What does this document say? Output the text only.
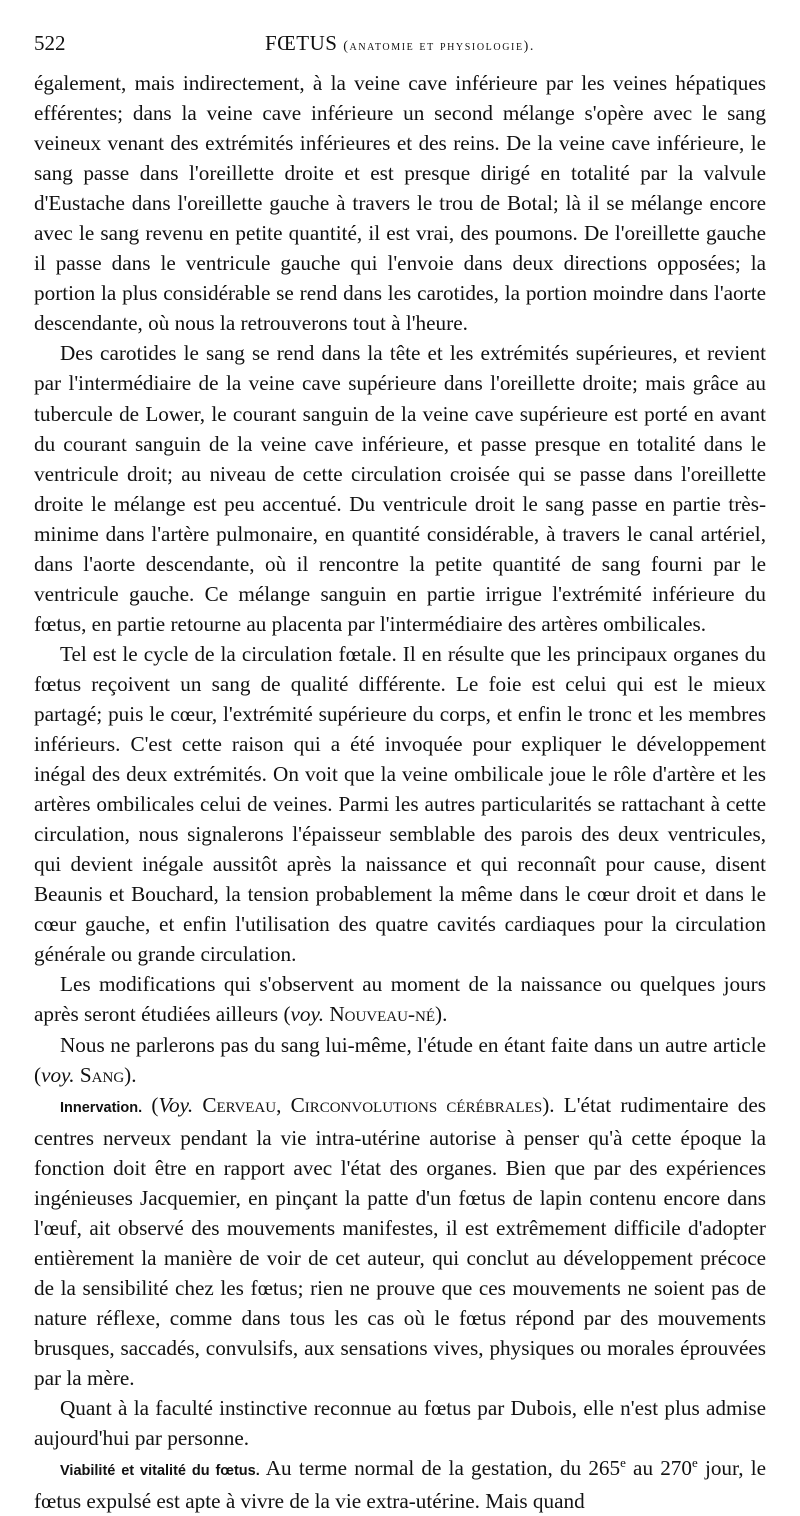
522	FŒTUS (anatomie et physiologie).

également, mais indirectement, à la veine cave inférieure par les veines hépatiques efférentes; dans la veine cave inférieure un second mélange s'opère avec le sang veineux venant des extrémités inférieures et des reins. De la veine cave inférieure, le sang passe dans l'oreillette droite et est presque dirigé en totalité par la valvule d'Eustache dans l'oreillette gauche à travers le trou de Botal; là il se mélange encore avec le sang revenu en petite quantité, il est vrai, des poumons. De l'oreillette gauche il passe dans le ventricule gauche qui l'envoie dans deux directions opposées; la portion la plus considérable se rend dans les carotides, la portion moindre dans l'aorte descendante, où nous la retrouverons tout à l'heure.

Des carotides le sang se rend dans la tête et les extrémités supérieures, et revient par l'intermédiaire de la veine cave supérieure dans l'oreillette droite; mais grâce au tubercule de Lower, le courant sanguin de la veine cave supérieure est porté en avant du courant sanguin de la veine cave inférieure, et passe presque en totalité dans le ventricule droit; au niveau de cette circulation croisée qui se passe dans l'oreillette droite le mélange est peu accentué. Du ventricule droit le sang passe en partie très-minime dans l'artère pulmonaire, en quantité considérable, à travers le canal artériel, dans l'aorte descendante, où il rencontre la petite quantité de sang fourni par le ventricule gauche. Ce mélange sanguin en partie irrigue l'extrémité inférieure du fœtus, en partie retourne au placenta par l'intermédiaire des artères ombilicales.

Tel est le cycle de la circulation fœtale. Il en résulte que les principaux organes du fœtus reçoivent un sang de qualité différente. Le foie est celui qui est le mieux partagé; puis le cœur, l'extrémité supérieure du corps, et enfin le tronc et les membres inférieurs. C'est cette raison qui a été invoquée pour expliquer le développement inégal des deux extrémités. On voit que la veine ombilicale joue le rôle d'artère et les artères ombilicales celui de veines. Parmi les autres particularités se rattachant à cette circulation, nous signalerons l'épaisseur semblable des parois des deux ventricules, qui devient inégale aussitôt après la naissance et qui reconnaît pour cause, disent Beaunis et Bouchard, la tension probablement la même dans le cœur droit et dans le cœur gauche, et enfin l'utilisation des quatre cavités cardiaques pour la circulation générale ou grande circulation.

Les modifications qui s'observent au moment de la naissance ou quelques jours après seront étudiées ailleurs (voy. Nouveau-né).

Nous ne parlerons pas du sang lui-même, l'étude en étant faite dans un autre article (voy. Sang).

Innervation. (Voy. Cerveau, Circonvolutions cérébrales). L'état rudimentaire des centres nerveux pendant la vie intra-utérine autorise à penser qu'à cette époque la fonction doit être en rapport avec l'état des organes. Bien que par des expériences ingénieuses Jacquemier, en pinçant la patte d'un fœtus de lapin contenu encore dans l'œuf, ait observé des mouvements manifestes, il est extrêmement difficile d'adopter entièrement la manière de voir de cet auteur, qui conclut au développement précoce de la sensibilité chez les fœtus; rien ne prouve que ces mouvements ne soient pas de nature réflexe, comme dans tous les cas où le fœtus répond par des mouvements brusques, saccadés, convulsifs, aux sensations vives, physiques ou morales éprouvées par la mère.

Quant à la faculté instinctive reconnue au fœtus par Dubois, elle n'est plus admise aujourd'hui par personne.

Viabilité et vitalité du fœtus. Au terme normal de la gestation, du 265e au 270e jour, le fœtus expulsé est apte à vivre de la vie extra-utérine. Mais quand
